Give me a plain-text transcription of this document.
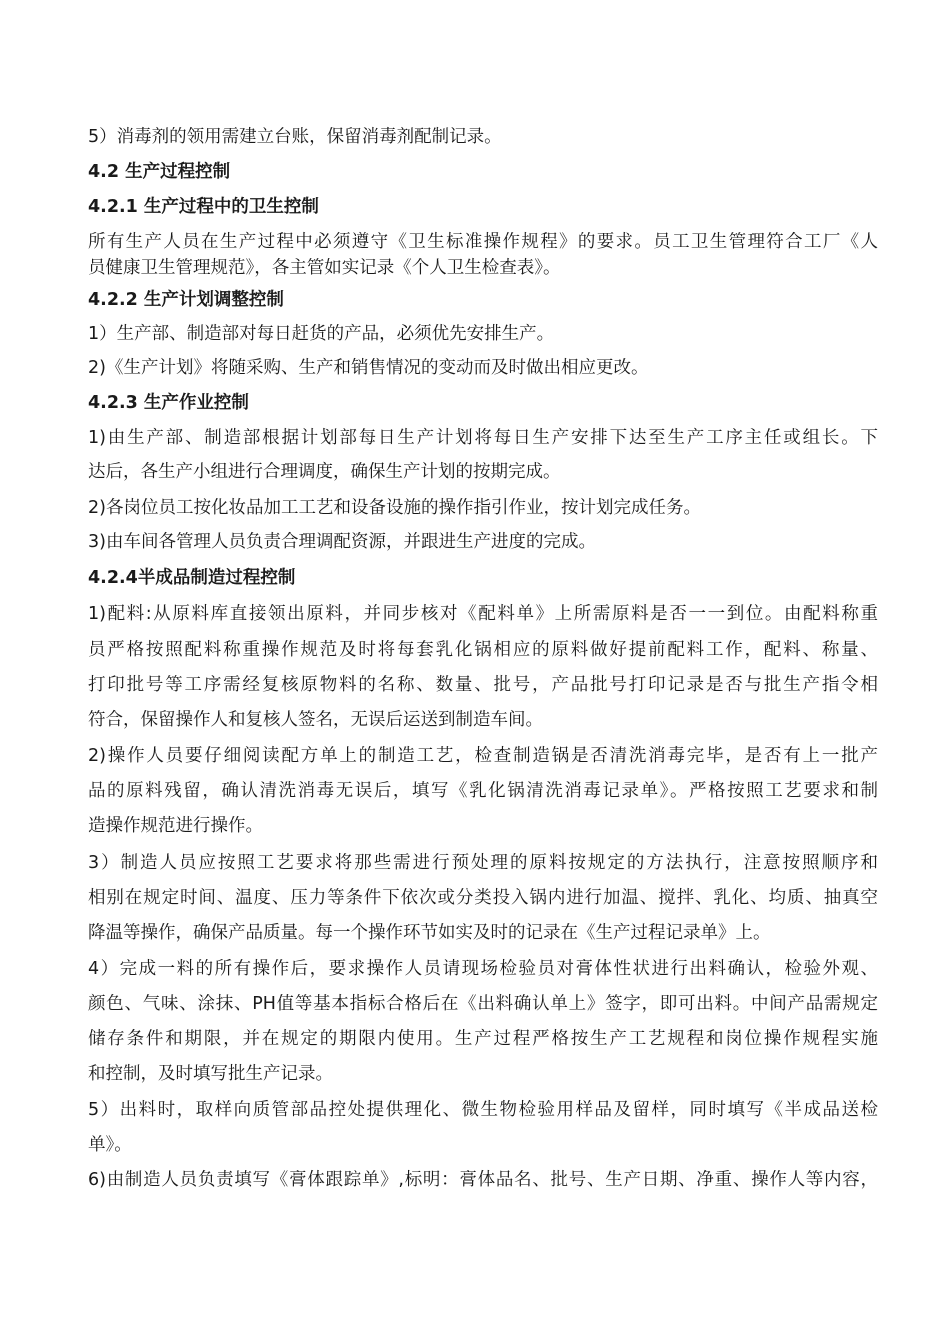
5）消毒剂的领用需建立台账，保留消毒剂配制记录。
4.2 生产过程控制
4.2.1 生产过程中的卫生控制
所有生产人员在生产过程中必须遵守《卫生标准操作规程》的要求。员工卫生管理符合工厂《人
员健康卫生管理规范》，各主管如实记录《个人卫生检查表》。
4.2.2 生产计划调整控制
1）生产部、制造部对每日赶货的产品，必须优先安排生产。
2)《生产计划》将随采购、生产和销售情况的变动而及时做出相应更改。
4.2.3 生产作业控制
1)由生产部、制造部根据计划部每日生产计划将每日生产安排下达至生产工序主任或组长。下
达后，各生产小组进行合理调度，确保生产计划的按期完成。
2)各岗位员工按化妆品加工工艺和设备设施的操作指引作业，按计划完成任务。
3)由车间各管理人员负责合理调配资源，并跟进生产进度的完成。
4.2.4半成品制造过程控制
1)配料:从原料库直接领出原料，并同步核对《配料单》上所需原料是否一一到位。由配料称重
员严格按照配料称重操作规范及时将每套乳化锅相应的原料做好提前配料工作，配料、称量、
打印批号等工序需经复核原物料的名称、数量、批号，产品批号打印记录是否与批生产指令相
符合，保留操作人和复核人签名，无误后运送到制造车间。
2)操作人员要仔细阅读配方单上的制造工艺，检查制造锅是否清洗消毒完毕，是否有上一批产
品的原料残留，确认清洗消毒无误后，填写《乳化锅清洗消毒记录单》。严格按照工艺要求和制
造操作规范进行操作。
3）制造人员应按照工艺要求将那些需进行预处理的原料按规定的方法执行，注意按照顺序和
相别在规定时间、温度、压力等条件下依次或分类投入锅内进行加温、搅拌、乳化、均质、抽真空
降温等操作，确保产品质量。每一个操作环节如实及时的记录在《生产过程记录单》上。
4）完成一料的所有操作后，要求操作人员请现场检验员对膏体性状进行出料确认，检验外观、
颜色、气味、涂抹、PH值等基本指标合格后在《出料确认单上》签字，即可出料。中间产品需规定
储存条件和期限，并在规定的期限内使用。生产过程严格按生产工艺规程和岗位操作规程实施
和控制，及时填写批生产记录。
5）出料时，取样向质管部品控处提供理化、微生物检验用样品及留样，同时填写《半成品送检
单》。
6)由制造人员负责填写《膏体跟踪单》,标明：膏体品名、批号、生产日期、净重、操作人等内容，
